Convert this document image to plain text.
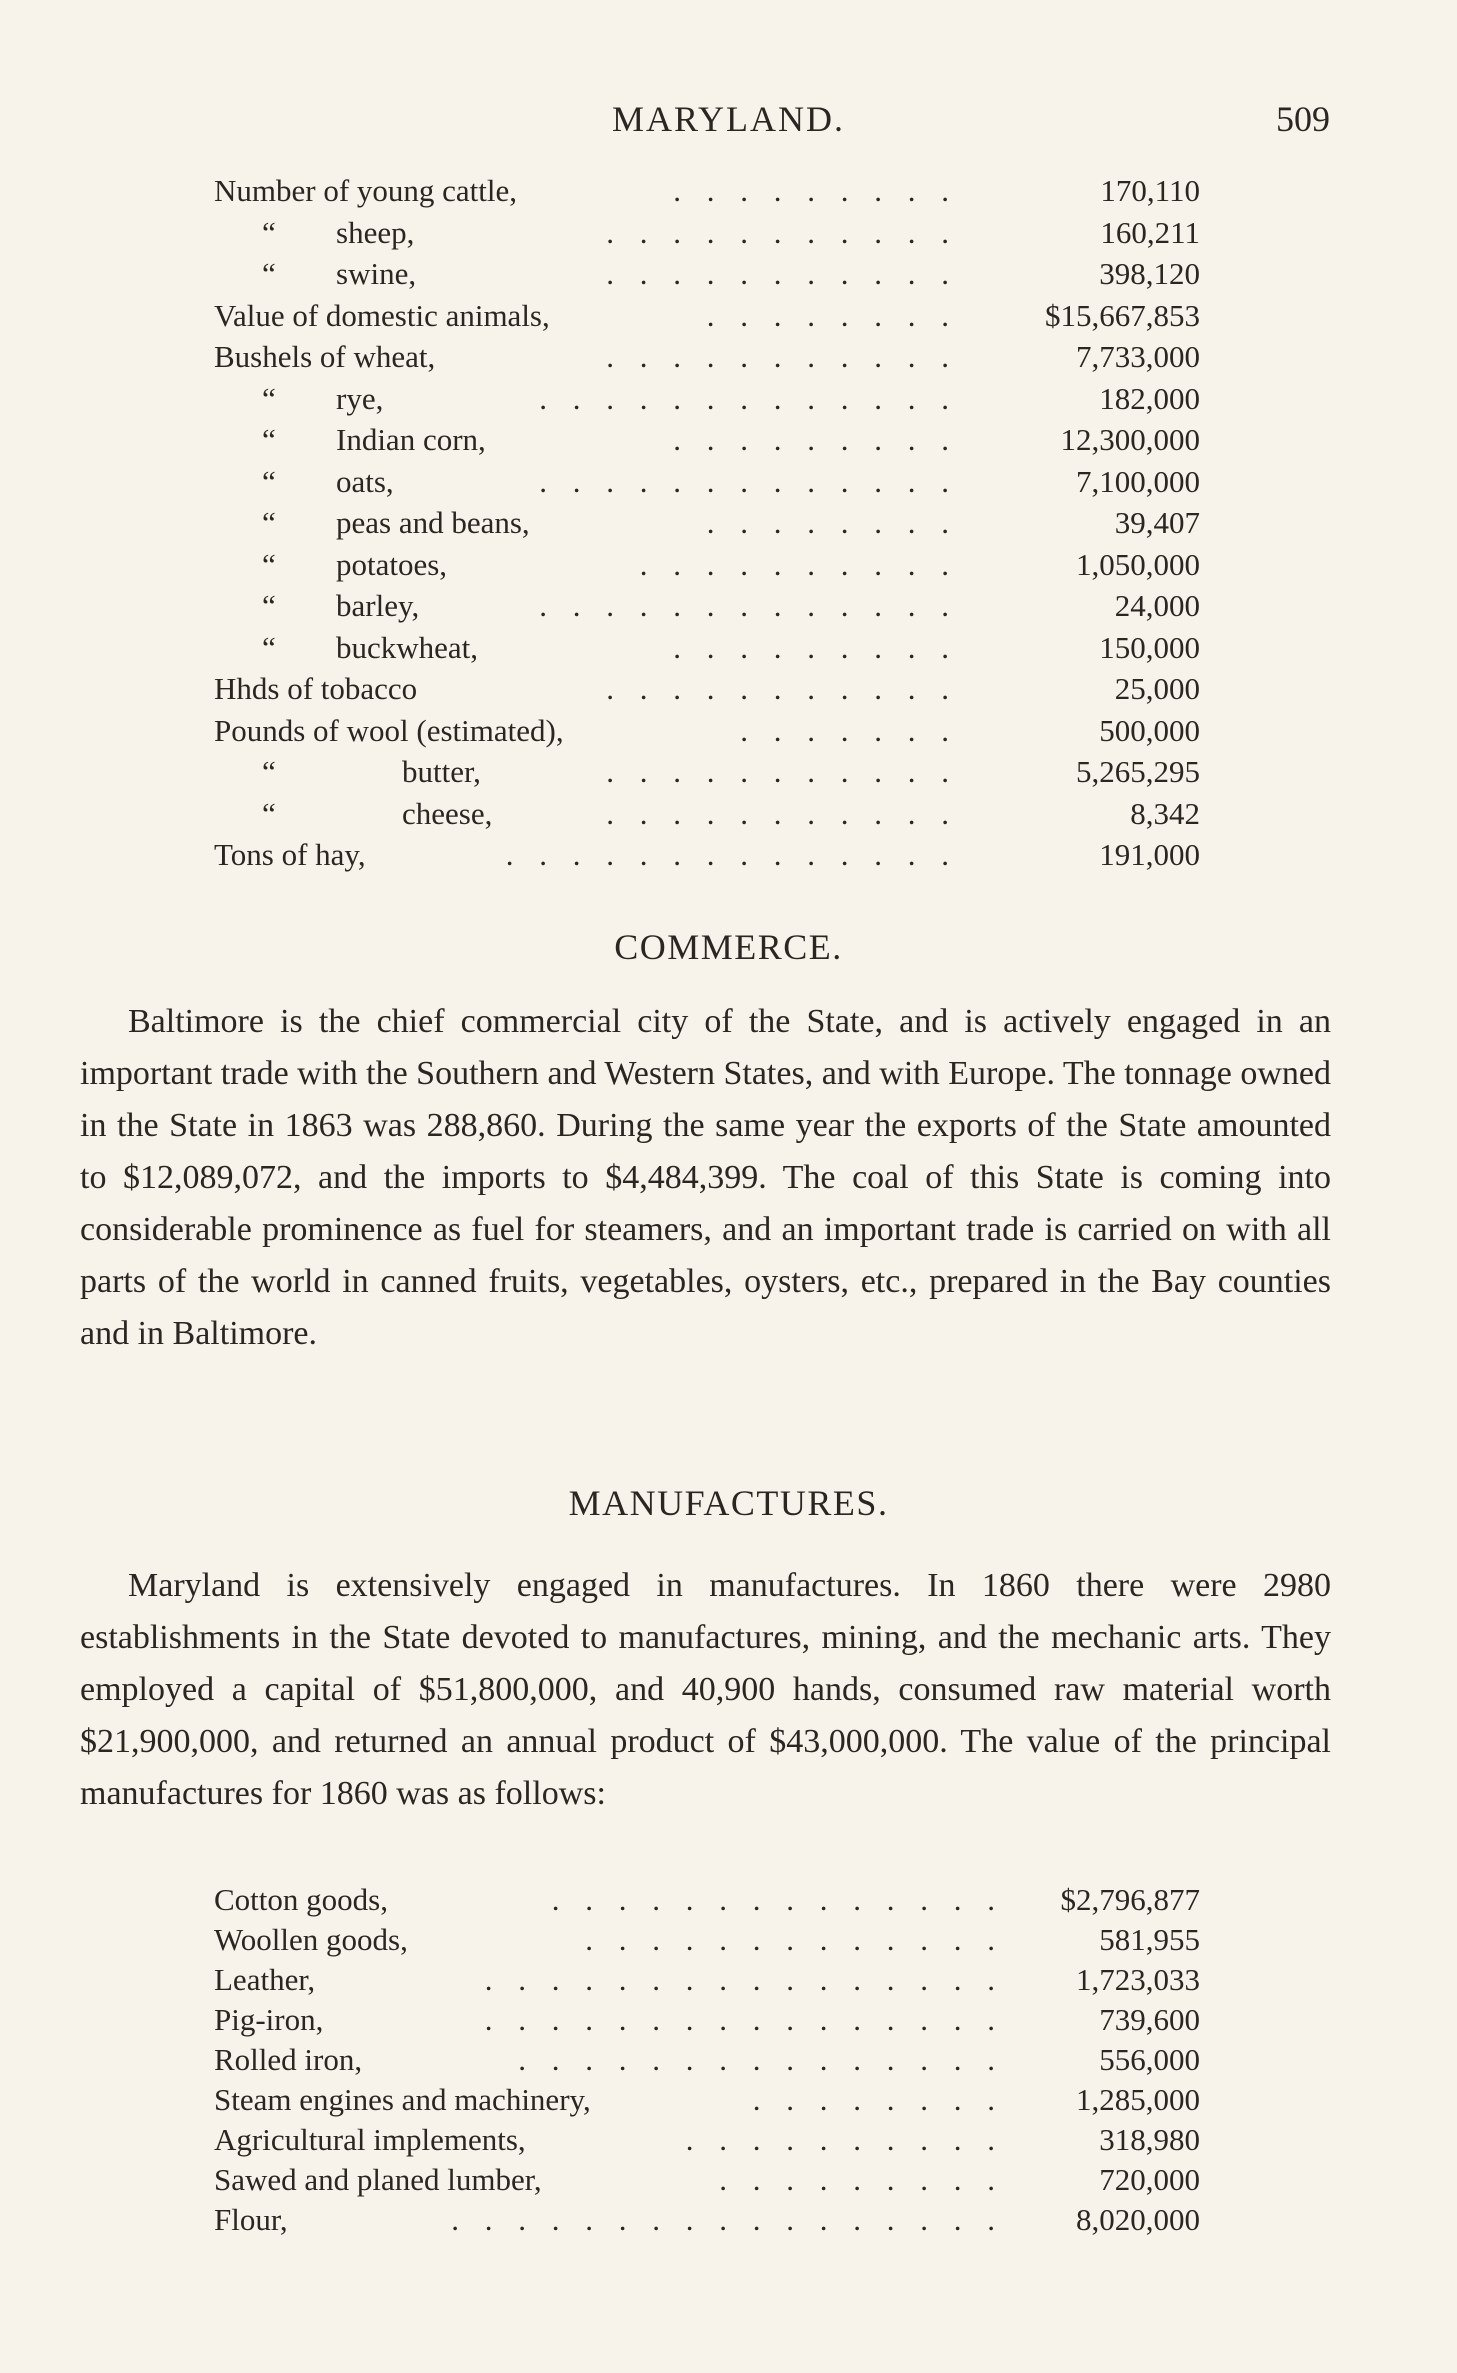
MARYLAND.	509
Number of young cattle,	. . . . . . . . .	170,110
“ sheep,	. . . . . . . . . . .	160,211
“ swine,	. . . . . . . . . . .	398,120
Value of domestic animals,	. . . . . . . .	$15,667,853
Bushels of wheat,	. . . . . . . . . . .	7,733,000
“ rye,	. . . . . . . . . . . . .	182,000
“ Indian corn,	. . . . . . . . .	12,300,000
“ oats,	. . . . . . . . . . . . .	7,100,000
“ peas and beans,	. . . . . . . .	39,407
“ potatoes,	. . . . . . . . . .	1,050,000
“ barley,	. . . . . . . . . . . . .	24,000
“ buckwheat,	. . . . . . . . .	150,000
Hhds of tobacco	. . . . . . . . . . .	25,000
Pounds of wool (estimated),	. . . . . . .	500,000
“	butter,	. . . . . . . . . . .	5,265,295
“	cheese,	. . . . . . . . . . .	8,342
Tons of hay,	. . . . . . . . . . . . . .	191,000
COMMERCE.

Baltimore is the chief commercial city of the State, and is actively engaged in an important trade with the Southern and Western States, and with Europe. The tonnage owned in the State in 1863 was 288,860. During the same year the exports of the State amounted to $12,089,072, and the imports to $4,484,399. The coal of this State is coming into considerable prominence as fuel for steamers, and an important trade is carried on with all parts of the world in canned fruits, vegetables, oysters, etc., prepared in the Bay counties and in Baltimore.

MANUFACTURES.

Maryland is extensively engaged in manufactures. In 1860 there were 2980 establishments in the State devoted to manufactures, mining, and the mechanic arts. They employed a capital of $51,800,000, and 40,900 hands, consumed raw material worth $21,900,000, and returned an annual product of $43,000,000. The value of the principal manufactures for 1860 was as follows:

Cotton goods,	. . . . . . . . . . . . . . $2,796,877
Woollen goods,	. . . . . . . . . . . . .	581,955
Leather,	. . . . . . . . . . . . . . . . 1,723,033
Pig-iron,	. . . . . . . . . . . . . . . .	739,600
Rolled iron,	. . . . . . . . . . . . . . .	556,000
Steam engines and machinery,	. . . . . . . . 1,285,000
Agricultural implements,	. . . . . . . . . .	318,980
Sawed and planed lumber,	. . . . . . . . .	720,000
Flour,	. . . . . . . . . . . . . . . . . 8,020,000
